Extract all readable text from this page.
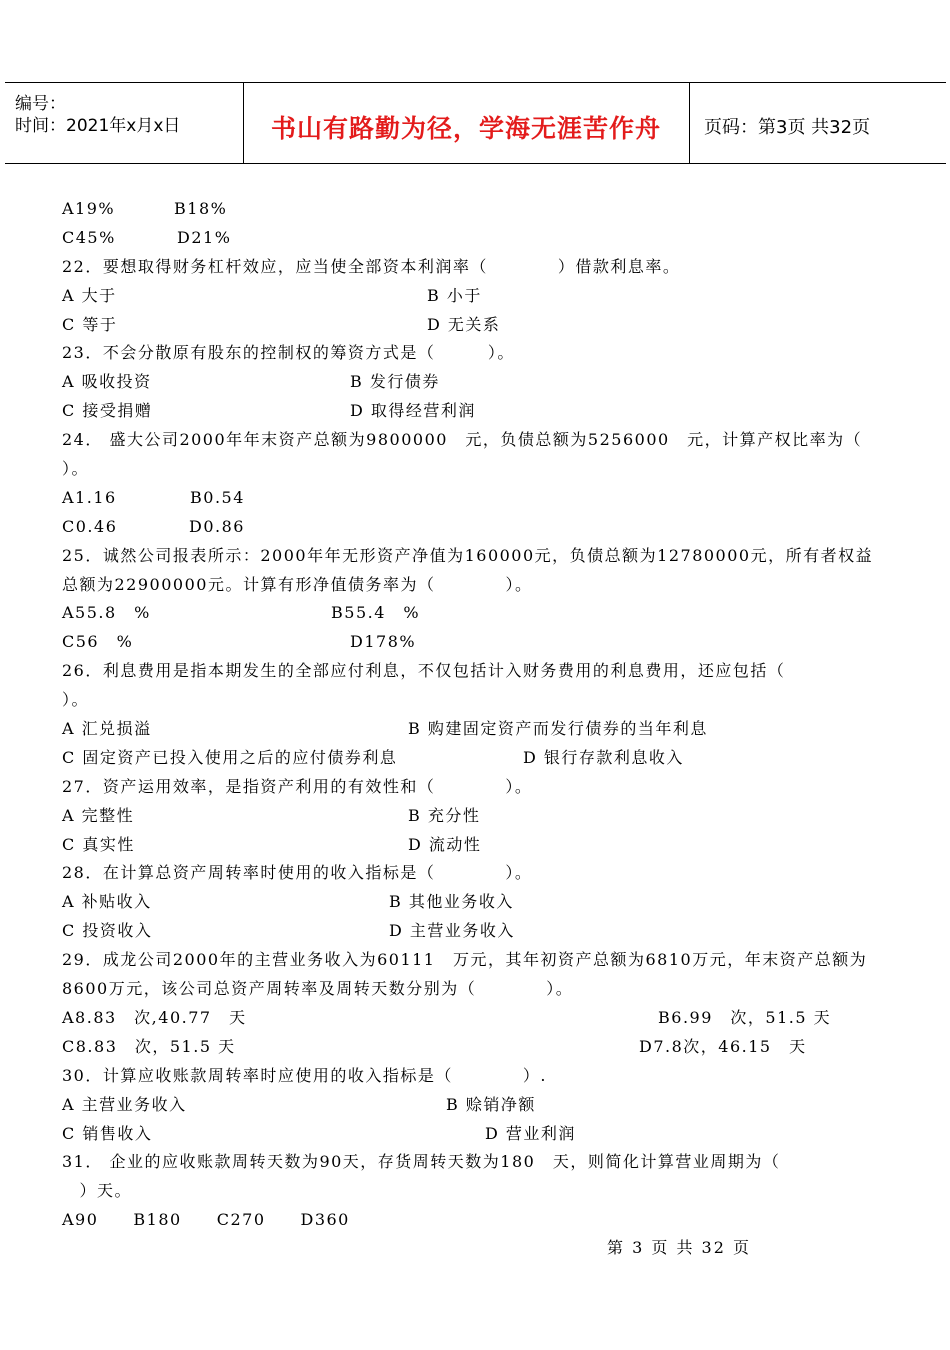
编号：
时间：2021年x月x日	书山有路勤为径，学海无涯苦作舟	页码：第3页 共32页
A19%	B18%
C45%	D21%
22．要想取得财务杠杆效应，应当使全部资本利润率（　　　　）借款利息率。
A 大于	B 小于
C 等于	D 无关系
23．不会分散原有股东的控制权的筹资方式是（　　　）。
A 吸收投资	B 发行债券
C 接受捐赠	D 取得经营利润
24． 盛大公司2000年年末资产总额为9800000　元，负债总额为5256000　元，计算产权比率为（
）。
A1.16	B0.54
C0.46	D0.86
25．诚然公司报表所示：2000年年无形资产净值为160000元，负债总额为12780000元，所有者权益
总额为22900000元。计算有形净值债务率为（　　　　）。
A55.8　%	B55.4　%
C56　%	D178%
26．利息费用是指本期发生的全部应付利息，不仅包括计入财务费用的利息费用，还应包括（
）。
A 汇兑损溢	B 购建固定资产而发行债券的当年利息
C 固定资产已投入使用之后的应付债券利息	D 银行存款利息收入
27．资产运用效率，是指资产利用的有效性和（　　　　）。
A 完整性	B 充分性
C 真实性	D 流动性
28．在计算总资产周转率时使用的收入指标是（　　　　）。
A 补贴收入	B 其他业务收入
C 投资收入	D 主营业务收入
29．成龙公司2000年的主营业务收入为60111　万元，其年初资产总额为6810万元，年末资产总额为
8600万元，该公司总资产周转率及周转天数分别为（　　　　）。
A8.83　次,40.77　天	B6.99　次，51.5 天
C8.83　次，51.5 天	D7.8次，46.15　天
30．计算应收账款周转率时应使用的收入指标是（　　　　）.
A 主营业务收入	B 赊销净额
C 销售收入	D 营业利润
31． 企业的应收账款周转天数为90天，存货周转天数为180　天，则简化计算营业周期为（
　）天。
A90　　B180　　C270　　D360
第 3 页 共 32 页
